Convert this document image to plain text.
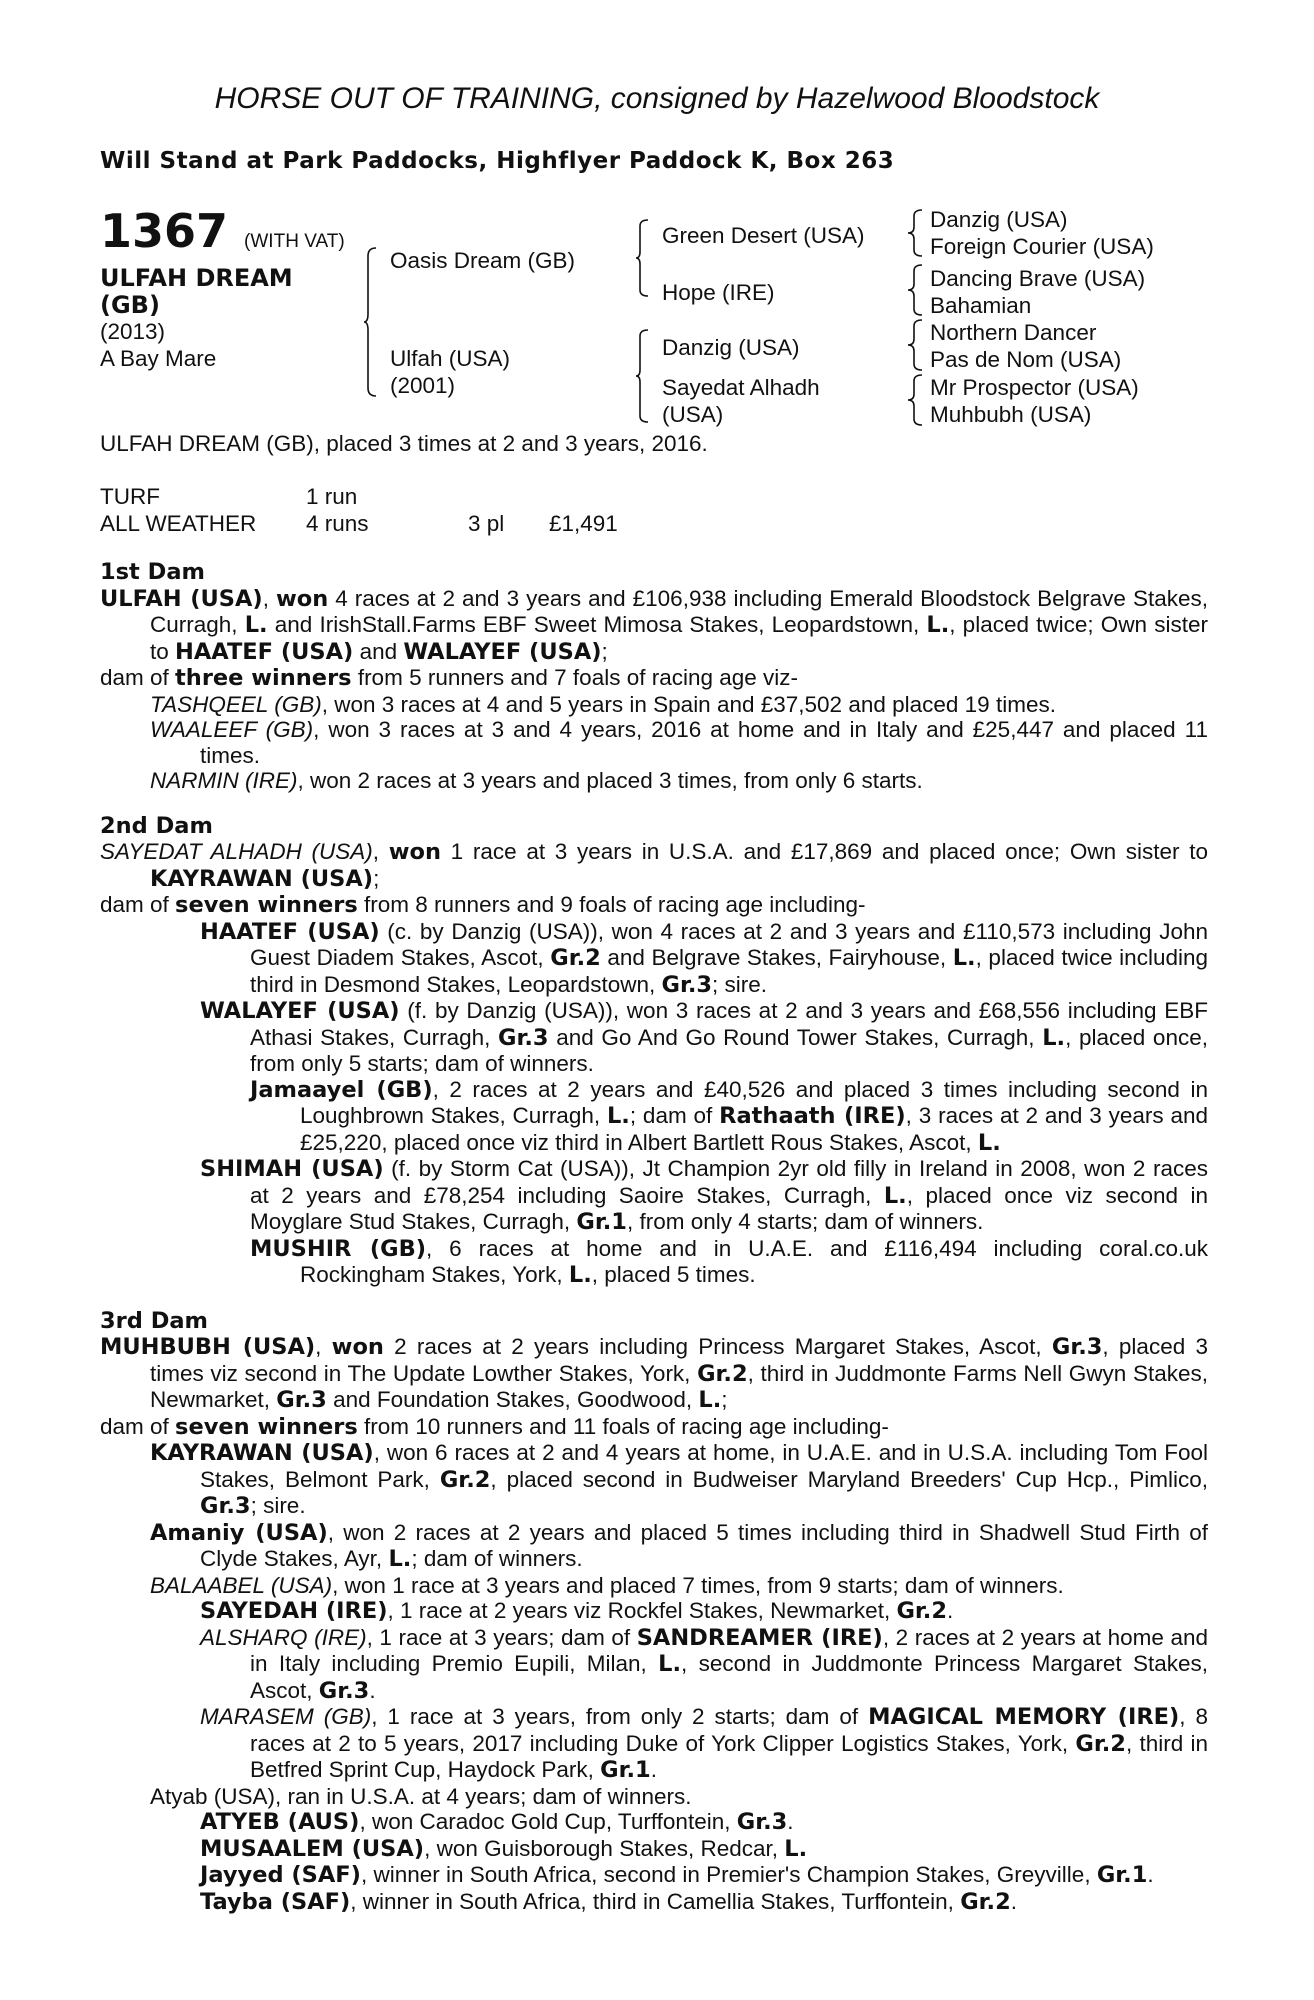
HORSE OUT OF TRAINING, consigned by Hazelwood Bloodstock
Will Stand at Park Paddocks, Highflyer Paddock K, Box 263
1367 (WITH VAT)
ULFAH DREAM
(GB)
(2013)
A Bay Mare
Oasis Dream (GB)
Ulfah (USA)
(2001)
Green Desert (USA)
Hope (IRE)
Danzig (USA)
Sayedat Alhadh
(USA)
Danzig (USA)
Foreign Courier (USA)
Dancing Brave (USA)
Bahamian
Northern Dancer
Pas de Nom (USA)
Mr Prospector (USA)
Muhbubh (USA)
ULFAH DREAM (GB), placed 3 times at 2 and 3 years, 2016.
TURF	1 run
ALL WEATHER 4 runs	3 pl £1,491
1st Dam
ULFAH (USA), won 4 races at 2 and 3 years and £106,938 including Emerald Bloodstock Belgrave Stakes, Curragh, L. and IrishStall.Farms EBF Sweet Mimosa Stakes, Leopardstown, L., placed twice; Own sister to HAATEF (USA) and WALAYEF (USA);
dam of three winners from 5 runners and 7 foals of racing age viz-
TASHQEEL (GB), won 3 races at 4 and 5 years in Spain and £37,502 and placed 19 times.
WAALEEF (GB), won 3 races at 3 and 4 years, 2016 at home and in Italy and £25,447 and placed 11 times.
NARMIN (IRE), won 2 races at 3 years and placed 3 times, from only 6 starts.
2nd Dam
SAYEDAT ALHADH (USA), won 1 race at 3 years in U.S.A. and £17,869 and placed once; Own sister to KAYRAWAN (USA);
dam of seven winners from 8 runners and 9 foals of racing age including-
HAATEF (USA) (c. by Danzig (USA)), won 4 races at 2 and 3 years and £110,573 including John Guest Diadem Stakes, Ascot, Gr.2 and Belgrave Stakes, Fairyhouse, L., placed twice including third in Desmond Stakes, Leopardstown, Gr.3; sire.
WALAYEF (USA) (f. by Danzig (USA)), won 3 races at 2 and 3 years and £68,556 including EBF Athasi Stakes, Curragh, Gr.3 and Go And Go Round Tower Stakes, Curragh, L., placed once, from only 5 starts; dam of winners.
Jamaayel (GB), 2 races at 2 years and £40,526 and placed 3 times including second in Loughbrown Stakes, Curragh, L.; dam of Rathaath (IRE), 3 races at 2 and 3 years and £25,220, placed once viz third in Albert Bartlett Rous Stakes, Ascot, L.
SHIMAH (USA) (f. by Storm Cat (USA)), Jt Champion 2yr old filly in Ireland in 2008, won 2 races at 2 years and £78,254 including Saoire Stakes, Curragh, L., placed once viz second in Moyglare Stud Stakes, Curragh, Gr.1, from only 4 starts; dam of winners.
MUSHIR (GB), 6 races at home and in U.A.E. and £116,494 including coral.co.uk Rockingham Stakes, York, L., placed 5 times.
3rd Dam
MUHBUBH (USA), won 2 races at 2 years including Princess Margaret Stakes, Ascot, Gr.3, placed 3 times viz second in The Update Lowther Stakes, York, Gr.2, third in Juddmonte Farms Nell Gwyn Stakes, Newmarket, Gr.3 and Foundation Stakes, Goodwood, L.;
dam of seven winners from 10 runners and 11 foals of racing age including-
KAYRAWAN (USA), won 6 races at 2 and 4 years at home, in U.A.E. and in U.S.A. including Tom Fool Stakes, Belmont Park, Gr.2, placed second in Budweiser Maryland Breeders' Cup Hcp., Pimlico, Gr.3; sire.
Amaniy (USA), won 2 races at 2 years and placed 5 times including third in Shadwell Stud Firth of Clyde Stakes, Ayr, L.; dam of winners.
BALAABEL (USA), won 1 race at 3 years and placed 7 times, from 9 starts; dam of winners.
SAYEDAH (IRE), 1 race at 2 years viz Rockfel Stakes, Newmarket, Gr.2.
ALSHARQ (IRE), 1 race at 3 years; dam of SANDREAMER (IRE), 2 races at 2 years at home and in Italy including Premio Eupili, Milan, L., second in Juddmonte Princess Margaret Stakes, Ascot, Gr.3.
MARASEM (GB), 1 race at 3 years, from only 2 starts; dam of MAGICAL MEMORY (IRE), 8 races at 2 to 5 years, 2017 including Duke of York Clipper Logistics Stakes, York, Gr.2, third in Betfred Sprint Cup, Haydock Park, Gr.1.
Atyab (USA), ran in U.S.A. at 4 years; dam of winners.
ATYEB (AUS), won Caradoc Gold Cup, Turffontein, Gr.3.
MUSAALEM (USA), won Guisborough Stakes, Redcar, L.
Jayyed (SAF), winner in South Africa, second in Premier's Champion Stakes, Greyville, Gr.1.
Tayba (SAF), winner in South Africa, third in Camellia Stakes, Turffontein, Gr.2.
